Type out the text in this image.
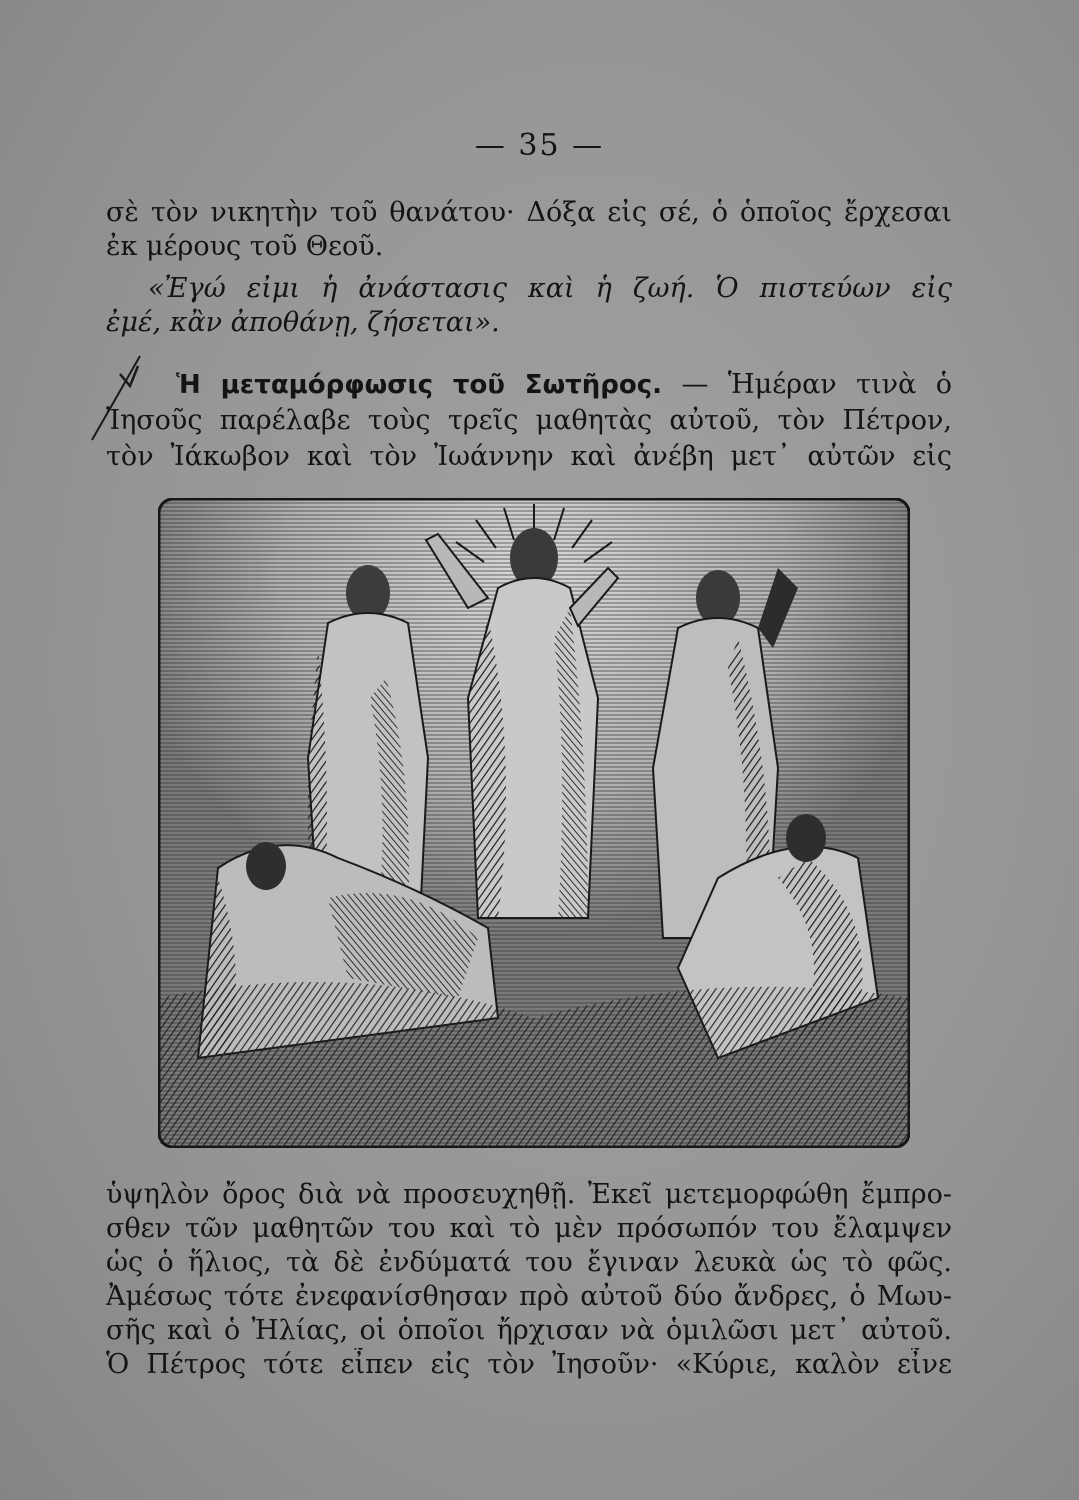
— 35 —
σὲ τὸν νικητὴν τοῦ θανάτου· Δόξα εἰς σέ, ὁ ὁποῖος ἔρχεσαι
ἐκ μέρους τοῦ Θεοῦ.
«Ἐγώ εἰμι ἡ ἀνάστασις καὶ ἡ ζωή. Ὁ πιστεύων εἰς
ἐμέ, κἂν ἀποθάνῃ, ζήσεται».
Ἡ μεταμόρφωσις τοῦ Σωτῆρος. — Ἡμέραν τινὰ ὁ
Ἰησοῦς παρέλαβε τοὺς τρεῖς μαθητὰς αὐτοῦ, τὸν Πέτρον,
τὸν Ἰάκωβον καὶ τὸν Ἰωάννην καὶ ἀνέβη μετ᾽ αὐτῶν εἰς
ὑψηλὸν ὄρος διὰ νὰ προσευχηθῇ. Ἐκεῖ μετεμορφώθη ἔμπρο-
σθεν τῶν μαθητῶν του καὶ τὸ μὲν πρόσωπόν του ἔλαμψεν
ὡς ὁ ἥλιος, τὰ δὲ ἐνδύματά του ἔγιναν λευκὰ ὡς τὸ φῶς.
Ἀμέσως τότε ἐνεφανίσθησαν πρὸ αὐτοῦ δύο ἄνδρες, ὁ Μωυ-
σῆς καὶ ὁ Ἠλίας, οἱ ὁποῖοι ἤρχισαν νὰ ὁμιλῶσι μετ᾽ αὐτοῦ.
Ὁ Πέτρος τότε εἶπεν εἰς τὸν Ἰησοῦν· «Κύριε, καλὸν εἶνε
